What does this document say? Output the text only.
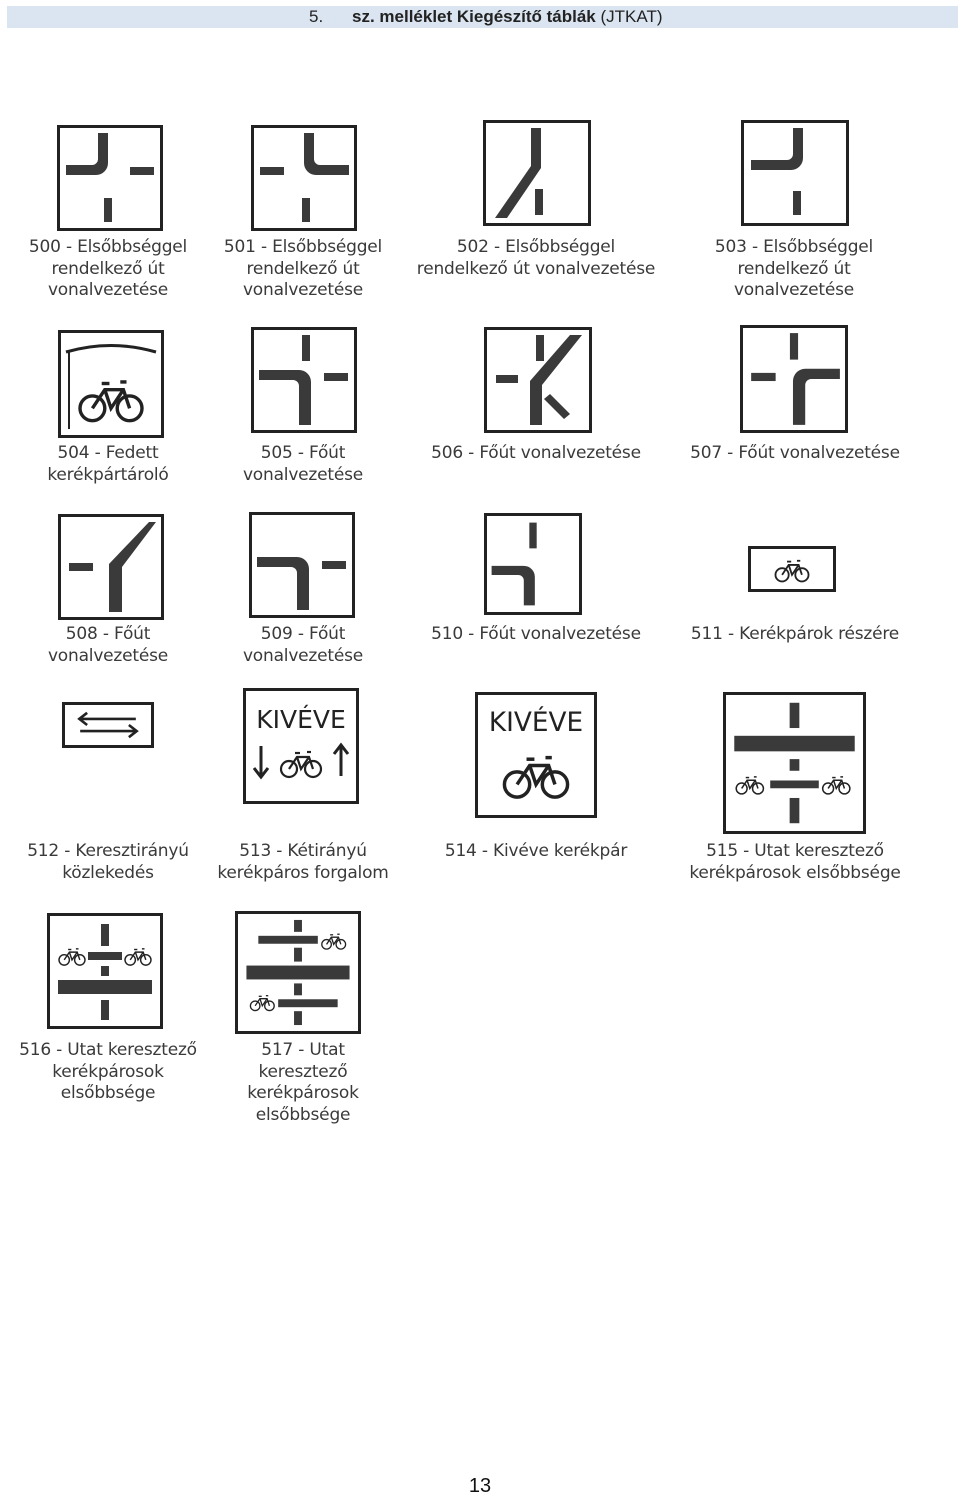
5. sz. melléklet Kiegészítő táblák (JTKAT)
500 - Elsőbbséggel
rendelkező út
vonalvezetése
501 - Elsőbbséggel
rendelkező út
vonalvezetése
502 - Elsőbbséggel
rendelkező út vonalvezetése
503 - Elsőbbséggel
rendelkező út
vonalvezetése
504 - Fedett
kerékpártároló
505 - Főút
vonalvezetése
506 - Főút vonalvezetése	507 - Főút vonalvezetése
508 - Főút
vonalvezetése
509 - Főút
vonalvezetése
510 - Főút vonalvezetése	511 - Kerékpárok részére
512 - Keresztirányú
közlekedés
KIVÉVE
513 - Kétirányú
kerékpáros forgalom
KIVÉVE
514 - Kivéve kerékpár	515 - Utat keresztező
kerékpárosok elsőbbsége
516 - Utat keresztező
kerékpárosok
elsőbbsége
517 - Utat
keresztező
kerékpárosok
elsőbbsége
13
